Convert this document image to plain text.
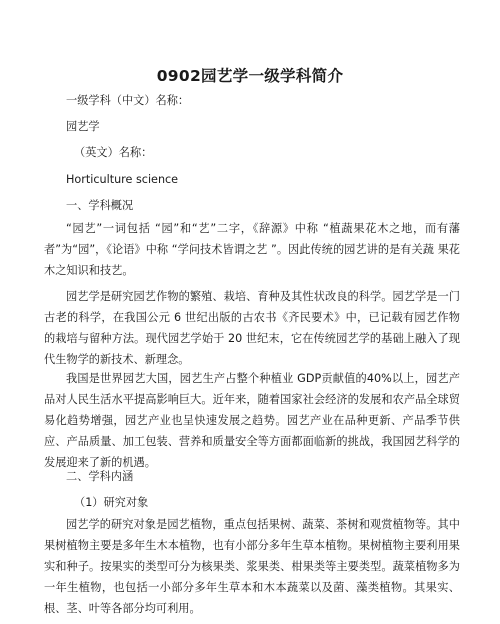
0902园艺学一级学科简介
一级学科（中文）名称：
园艺学
（英文）名称：
Horticulture science
一、学科概况
“园艺”一词包括 “园”和“艺”二字，《辞源》中称 “植蔬果花木之地，而有藩 者”为“园”，《论语》中称 “学问技术皆谓之艺 ”。因此传统的园艺讲的是有关蔬 果花木之知识和技艺。
园艺学是研究园艺作物的繁殖、栽培、育种及其性状改良的科学。园艺学是一门古老的科学，在我国公元 6 世纪出版的古农书《齐民要术》中，已记载有园艺作物的栽培与留种方法。现代园艺学始于 20 世纪末，它在传统园艺学的基础上融入了现代生物学的新技术、新理念。
我国是世界园艺大国，园艺生产占整个种植业 GDP贡献值的40%以上，园艺产品对人民生活水平提高影响巨大。近年来，随着国家社会经济的发展和农产品全球贸易化趋势增强，园艺产业也呈快速发展之趋势。园艺产业在品种更新、产品季节供应、产品质量、加工包装、营养和质量安全等方面都面临新的挑战，我国园艺科学的发展迎来了新的机遇。
二、学科内涵
（1）研究对象
园艺学的研究对象是园艺植物，重点包括果树、蔬菜、茶树和观赏植物等。其中果树植物主要是多年生木本植物，也有小部分多年生草本植物。果树植物主要利用果实和种子。按果实的类型可分为核果类、浆果类、柑果类等主要类型。蔬菜植物多为一年生植物，也包括一小部分多年生草本和木本蔬菜以及菌、藻类植物。其果实、根、茎、叶等各部分均可利用。
